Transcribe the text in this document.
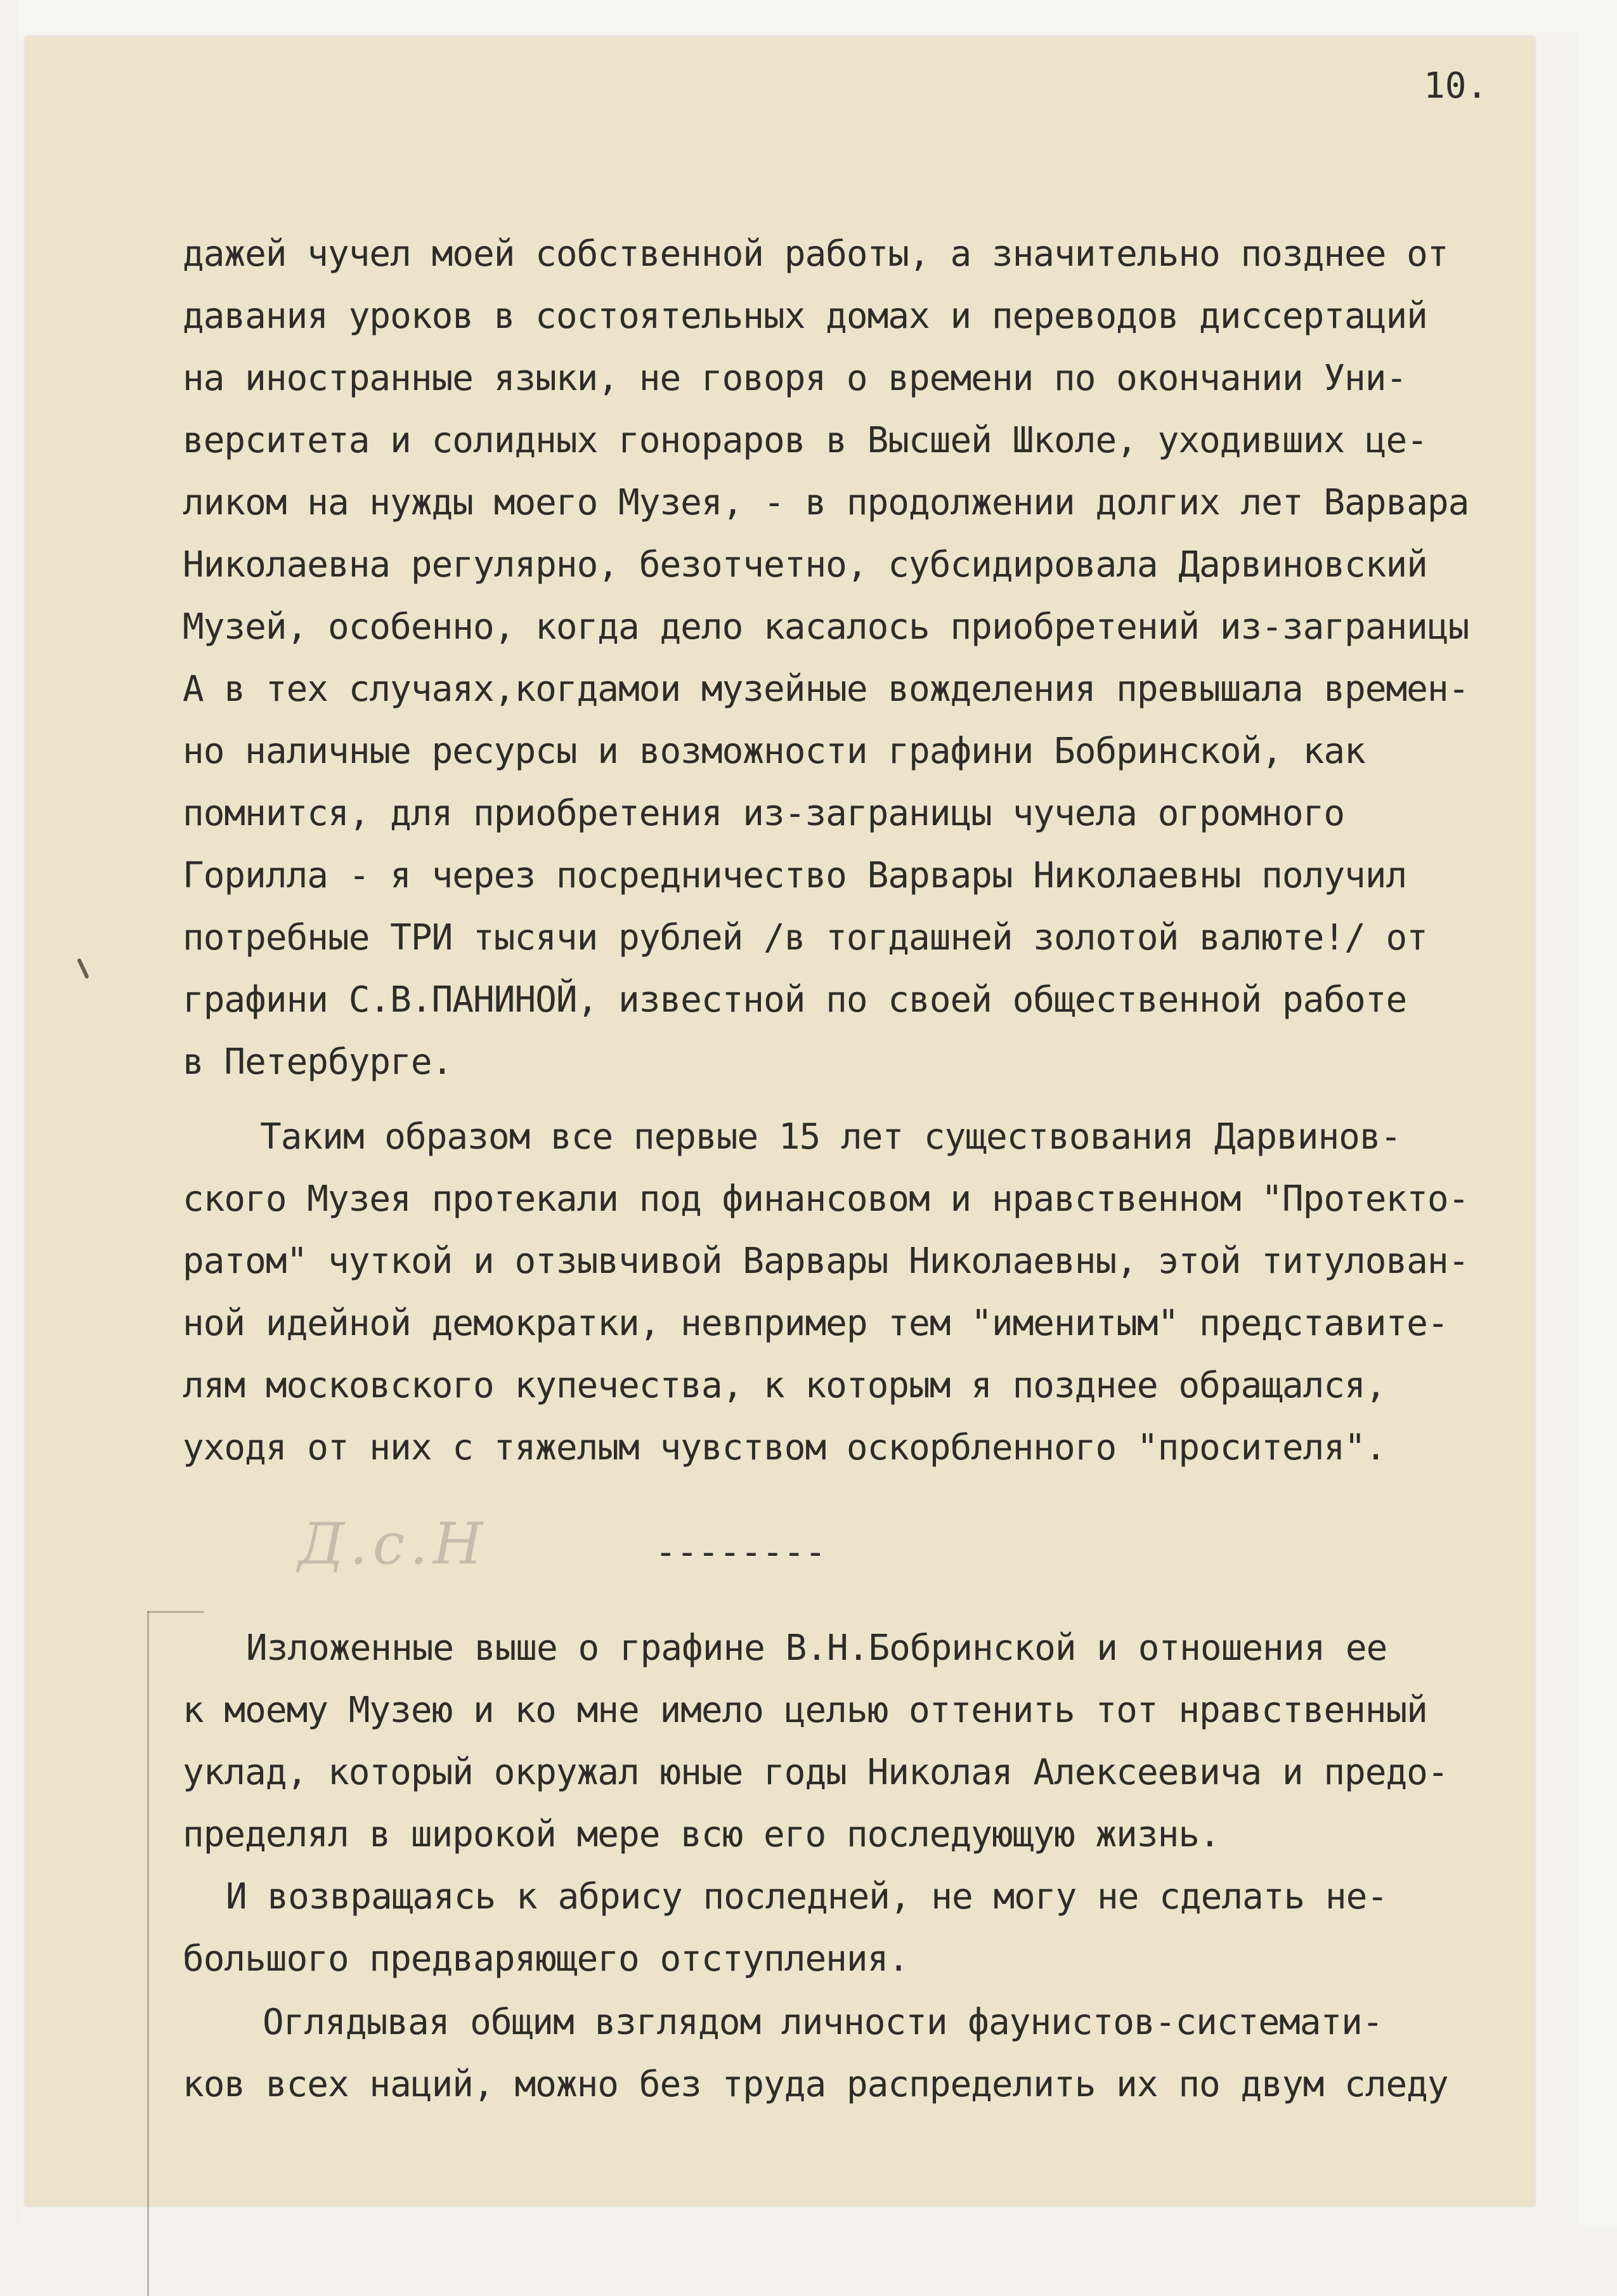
10.

дажей чучел моей собственной работы, а значительно позднее от
давания уроков в состоятельных домах и переводов диссертаций
на иностранные языки, не говоря о времени по окончании Уни-
верситета и солидных гонораров в Высшей Школе, уходивших це-
ликом на нужды моего Музея, - в продолжении долгих лет Варвара
Николаевна регулярно, безотчетно, субсидировала Дарвиновский
Музей, особенно, когда дело касалось приобретений из-заграницы
А в тех случаях,когдамои музейные вожделения превышала времен-
но наличные ресурсы и возможности графини Бобринской, как
помнится, для приобретения из-заграницы чучела огромного
Горилла - я через посредничество Варвары Николаевны получил
потребные ТРИ тысячи рублей /в тогдашней золотой валюте!/ от
графини С.В.ПАНИНОЙ, известной по своей общественной работе
в Петербурге.
Таким образом все первые 15 лет существования Дарвинов-
ского Музея протекали под финансовом и нравственном "Протекто-
ратом" чуткой и отзывчивой Варвары Николаевны, этой титулован-
ной идейной демократки, невпример тем "именитым" представите-
лям московского купечества, к которым я позднее обращался,
уходя от них с тяжелым чувством оскорбленного "просителя".
Д.с.Н	--------

Изложенные выше о графине В.Н.Бобринской и отношения ее
к моему Музею и ко мне имело целью оттенить тот нравственный
уклад, который окружал юные годы Николая Алексеевича и предо-
пределял в широкой мере всю его последующую жизнь.
И возвращаясь к абрису последней, не могу не сделать не-
большого предваряющего отступления.
Оглядывая общим взглядом личности фаунистов-системати-
ков всех наций, можно без труда распределить их по двум следу
